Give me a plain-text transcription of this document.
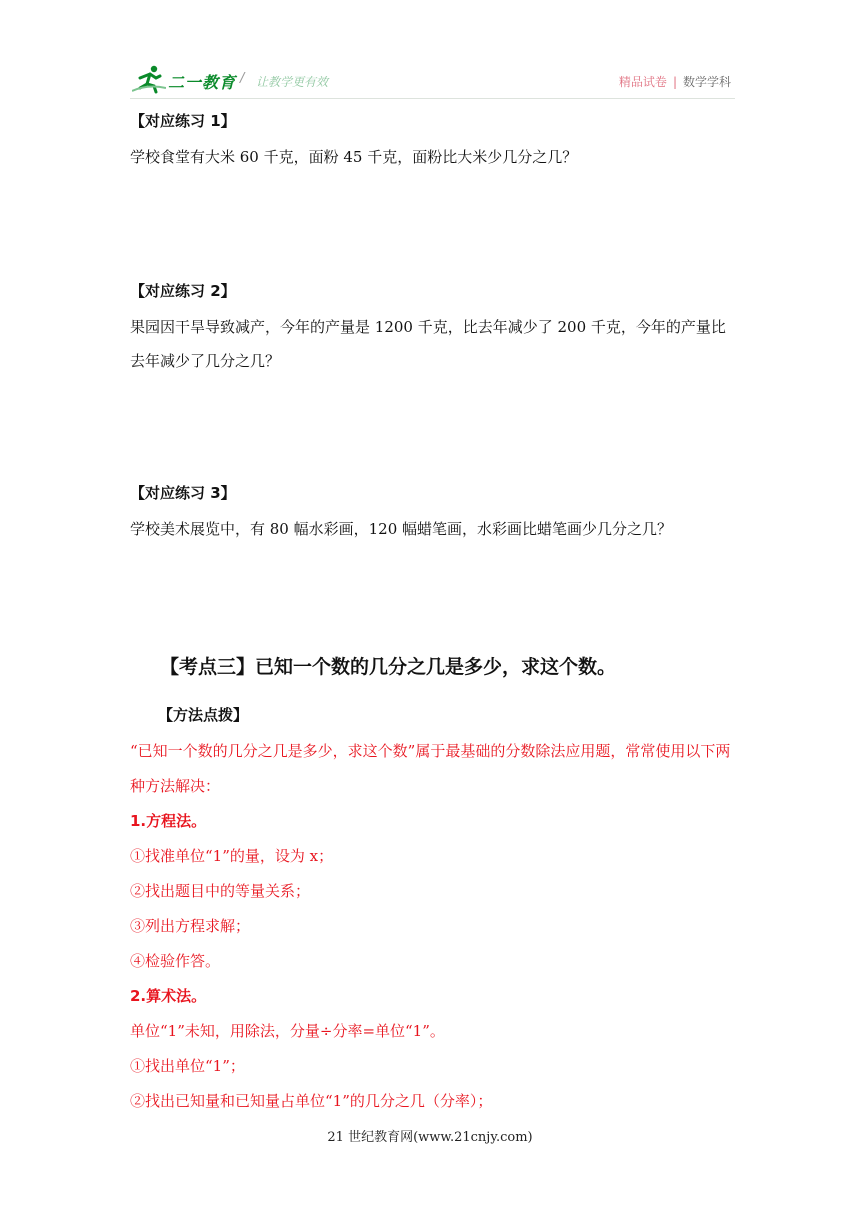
二一教育 / 让教学更有效	精品试卷 | 数学学科
【对应练习 1】
学校食堂有大米 60 千克，面粉 45 千克，面粉比大米少几分之几？
【对应练习 2】
果园因干旱导致减产，今年的产量是 1200 千克，比去年减少了 200 千克，今年的产量比去年减少了几分之几？
【对应练习 3】
学校美术展览中，有 80 幅水彩画，120 幅蜡笔画，水彩画比蜡笔画少几分之几？
【考点三】已知一个数的几分之几是多少，求这个数。
【方法点拨】
“已知一个数的几分之几是多少，求这个数”属于最基础的分数除法应用题，常常使用以下两种方法解决：
1.方程法。
①找准单位“1”的量，设为 x；
②找出题目中的等量关系；
③列出方程求解；
④检验作答。
2.算术法。
单位“1”未知，用除法，分量÷分率=单位“1”。
①找出单位“1”；
②找出已知量和已知量占单位“1”的几分之几（分率）；
21 世纪教育网(www.21cnjy.com)
